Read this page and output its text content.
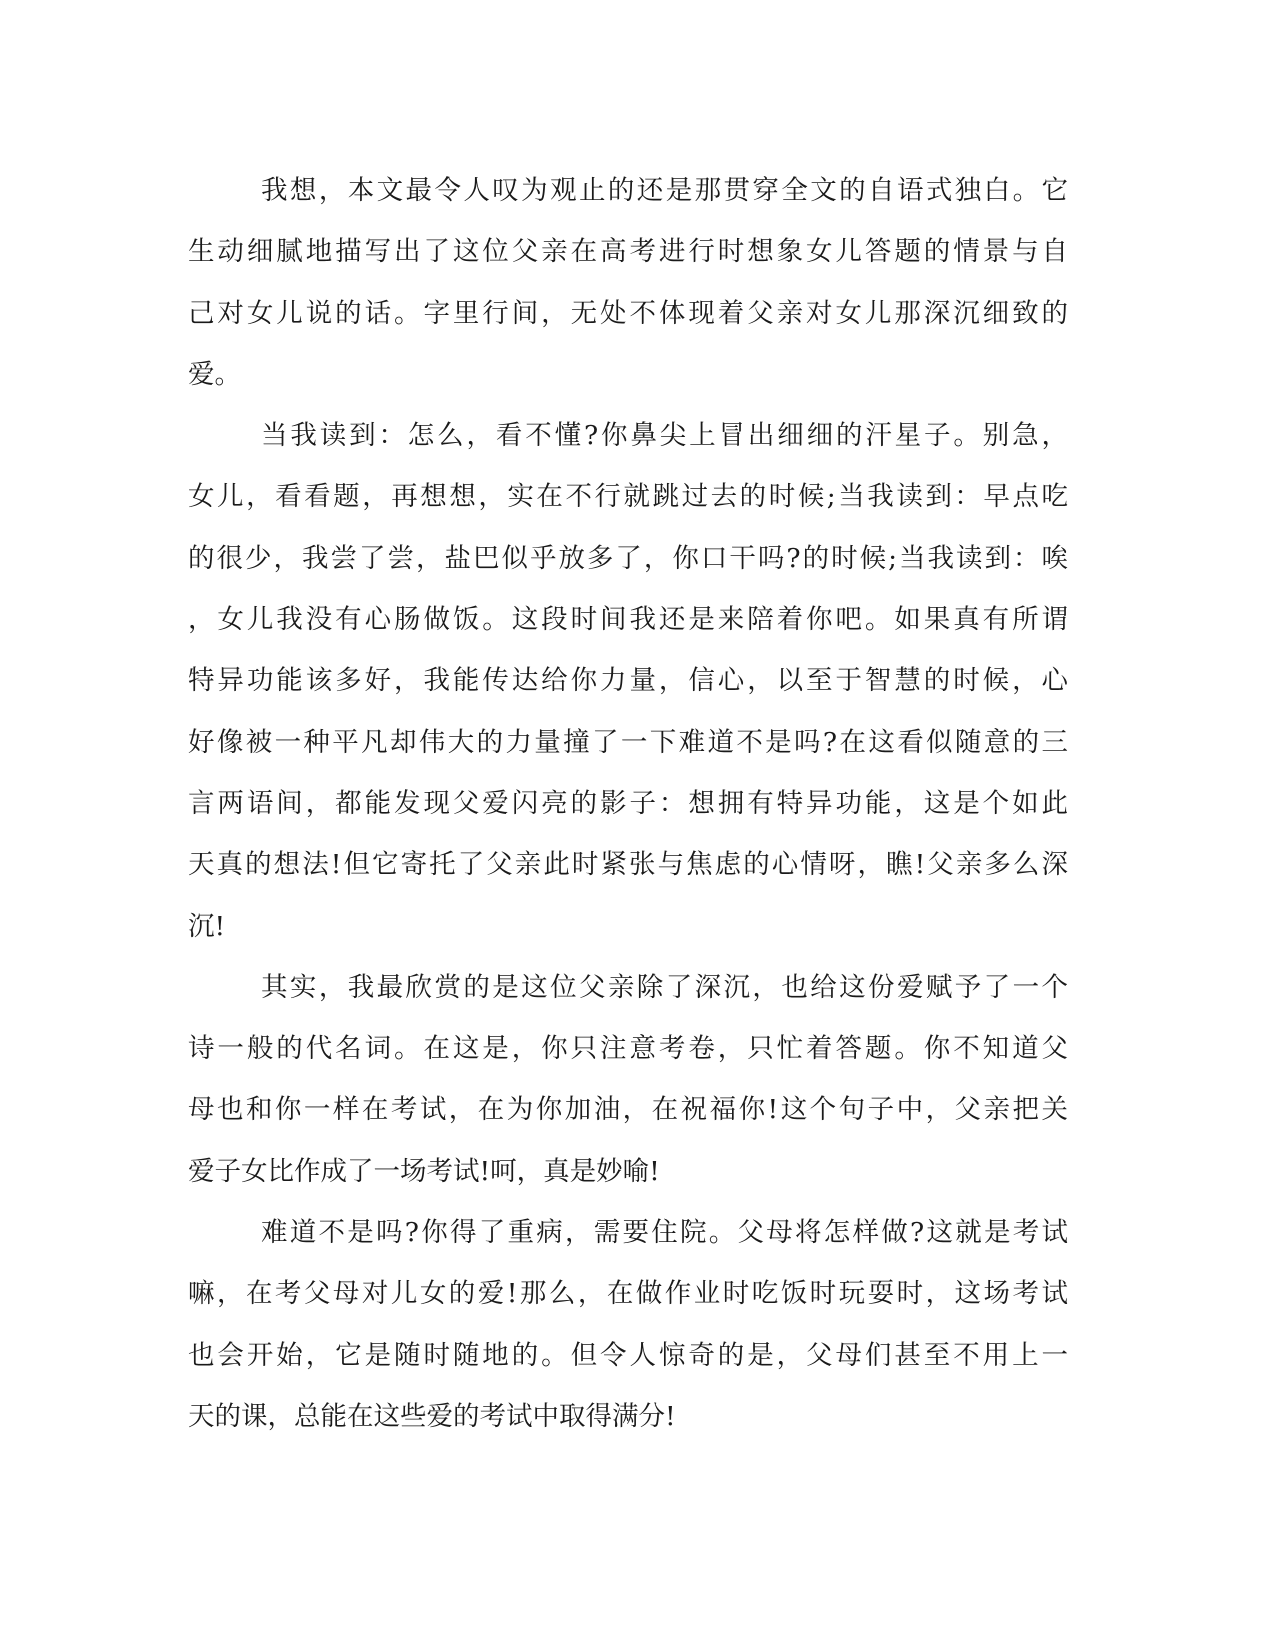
我想，本文最令人叹为观止的还是那贯穿全文的自语式独白。它
生动细腻地描写出了这位父亲在高考进行时想象女儿答题的情景与自
己对女儿说的话。字里行间，无处不体现着父亲对女儿那深沉细致的
爱。
当我读到：怎么，看不懂?你鼻尖上冒出细细的汗星子。别急，
女儿，看看题，再想想，实在不行就跳过去的时候;当我读到：早点吃
的很少，我尝了尝，盐巴似乎放多了，你口干吗?的时候;当我读到：唉
，女儿我没有心肠做饭。这段时间我还是来陪着你吧。如果真有所谓
特异功能该多好，我能传达给你力量，信心，以至于智慧的时候，心
好像被一种平凡却伟大的力量撞了一下难道不是吗?在这看似随意的三
言两语间，都能发现父爱闪亮的影子：想拥有特异功能，这是个如此
天真的想法!但它寄托了父亲此时紧张与焦虑的心情呀，瞧!父亲多么深
沉!
其实，我最欣赏的是这位父亲除了深沉，也给这份爱赋予了一个
诗一般的代名词。在这是，你只注意考卷，只忙着答题。你不知道父
母也和你一样在考试，在为你加油，在祝福你!这个句子中，父亲把关
爱子女比作成了一场考试!呵，真是妙喻!
难道不是吗?你得了重病，需要住院。父母将怎样做?这就是考试
嘛，在考父母对儿女的爱!那么，在做作业时吃饭时玩耍时，这场考试
也会开始，它是随时随地的。但令人惊奇的是，父母们甚至不用上一
天的课，总能在这些爱的考试中取得满分!
